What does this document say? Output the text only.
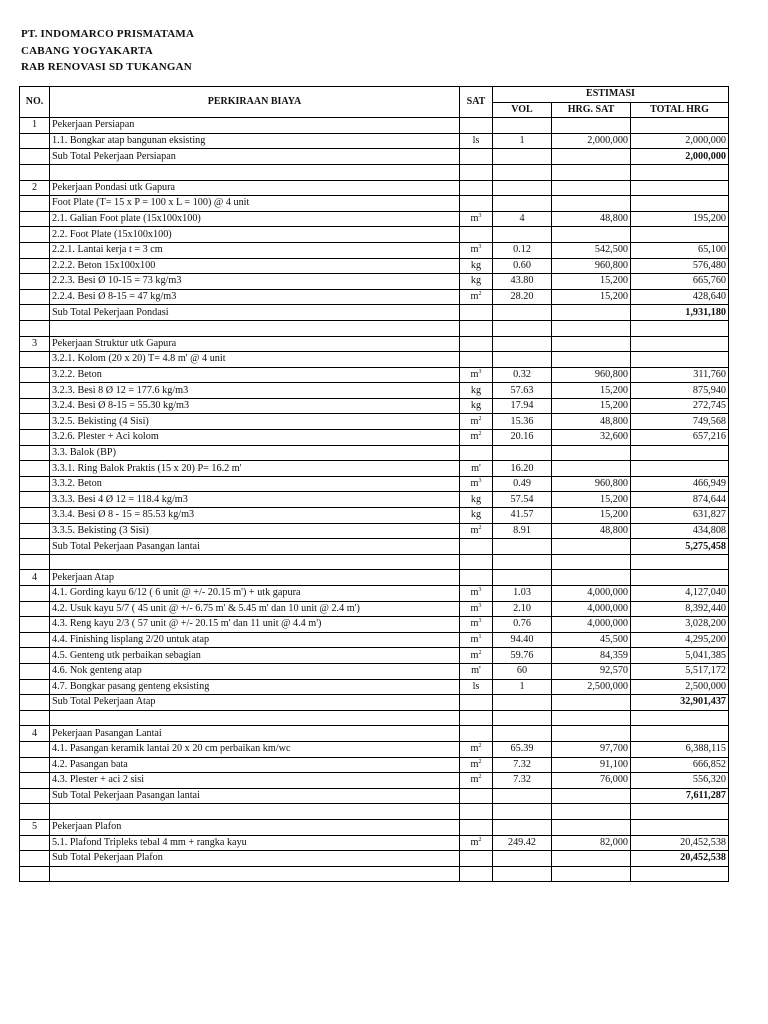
PT. INDOMARCO PRISMATAMA
CABANG YOGYAKARTA
RAB RENOVASI SD TUKANGAN
NO.	PERKIRAAN BIAYA	SAT	ESTIMASI		
			VOL	HRG. SAT	TOTAL HRG
1	Pekerjaan Persiapan				
	1.1. Bongkar atap bangunan eksisting	ls	1	2,000,000	2,000,000
	Sub Total Pekerjaan Persiapan				2,000,000

2	Pekerjaan Pondasi utk Gapura				
	Foot Plate (T= 15 x P = 100 x L = 100) @ 4 unit				
	2.1. Galian Foot plate (15x100x100)	$m^3$	4	48,800	195,200
	2.2. Foot Plate (15x100x100)				
	2.2.1. Lantai kerja t = 3 cm	$m^3$	0.12	542,500	65,100
	2.2.2. Beton 15x100x100	kg	0.60	960,800	576,480
	2.2.3. Besi Ø 10-15 = 73 kg/m3	kg	43.80	15,200	665,760
	2.2.4. Besi Ø 8-15 = 47 kg/m3	$m^2$	28.20	15,200	428,640
	Sub Total Pekerjaan Pondasi				1,931,180

3	Pekerjaan Struktur utk Gapura				
	3.2.1. Kolom (20 x 20) T= 4.8 m' @ 4 unit				
	3.2.2. Beton	$m^3$	0.32	960,800	311,760
	3.2.3. Besi 8 Ø 12 = 177.6 kg/m3	kg	57.63	15,200	875,940
	3.2.4. Besi Ø 8-15 = 55.30 kg/m3	kg	17.94	15,200	272,745
	3.2.5. Bekisting (4 Sisi)	$m^2$	15.36	48,800	749,568
	3.2.6. Plester + Aci kolom	$m^2$	20.16	32,600	657,216
	3.3. Balok (BP)				
	3.3.1. Ring Balok Praktis (15 x 20) P= 16.2 m'	m'	16.20		
	3.3.2. Beton	$m^3$	0.49	960,800	466,949
	3.3.3. Besi 4 Ø 12 = 118.4 kg/m3	kg	57.54	15,200	874,644
	3.3.4. Besi Ø 8 - 15 = 85.53 kg/m3	kg	41.57	15,200	631,827
	3.3.5. Bekisting (3 Sisi)	$m^2$	8.91	48,800	434,808
	Sub Total Pekerjaan Pasangan lantai				5,275,458

4	Pekerjaan Atap				
	4.1. Gording kayu 6/12 ( 6 unit @ +/- 20.15 m') + utk gapura	$m^3$	1.03	4,000,000	4,127,040
	4.2. Usuk kayu 5/7 ( 45 unit @ +/- 6.75 m' & 5.45 m' dan 10 unit @ 2.4 m')	$m^3$	2.10	4,000,000	8,392,440
	4.3. Reng kayu 2/3 ( 57 unit @ +/- 20.15 m' dan 11 unit @ 4.4 m')	$m^3$	0.76	4,000,000	3,028,200
	4.4. Finishing lisplang 2/20 untuk atap	$m^1$	94.40	45,500	4,295,200
	4.5. Genteng utk perbaikan sebagian	$m^2$	59.76	84,359	5,041,385
	4.6. Nok genteng atap	m'	60	92,570	5,517,172
	4.7. Bongkar pasang genteng eksisting	ls	1	2,500,000	2,500,000
	Sub Total Pekerjaan Atap				32,901,437

4	Pekerjaan Pasangan Lantai				
	4.1. Pasangan keramik lantai 20 x 20 cm perbaikan km/wc	$m^2$	65.39	97,700	6,388,115
	4.2. Pasangan bata	$m^2$	7.32	91,100	666,852
	4.3. Plester + aci 2 sisi	$m^2$	7.32	76,000	556,320
	Sub Total Pekerjaan Pasangan lantai				7,611,287

5	Pekerjaan Plafon				
	5.1. Plafond Tripleks tebal 4 mm + rangka kayu	$m^2$	249.42	82,000	20,452,538
	Sub Total Pekerjaan Plafon				20,452,538
